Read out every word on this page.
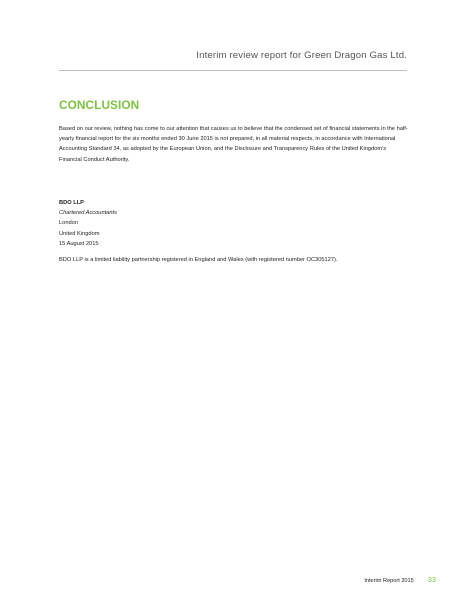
Interim review report for Green Dragon Gas Ltd.
CONCLUSION

Based on our review, nothing has come to our attention that causes us to believe that the condensed set of financial statements in the half-yearly financial report for the six months ended 30 June 2015 is not prepared, in all material respects, in accordance with International Accounting Standard 34, as adopted by the European Union, and the Disclosure and Transparency Rules of the United Kingdom's Financial Conduct Authority.

BDO LLP
Chartered Accountants
London
United Kingdom
15 August 2015

BDO LLP is a limited liability partnership registered in England and Wales (with registered number OC305127).

Interim Report 2015 33
